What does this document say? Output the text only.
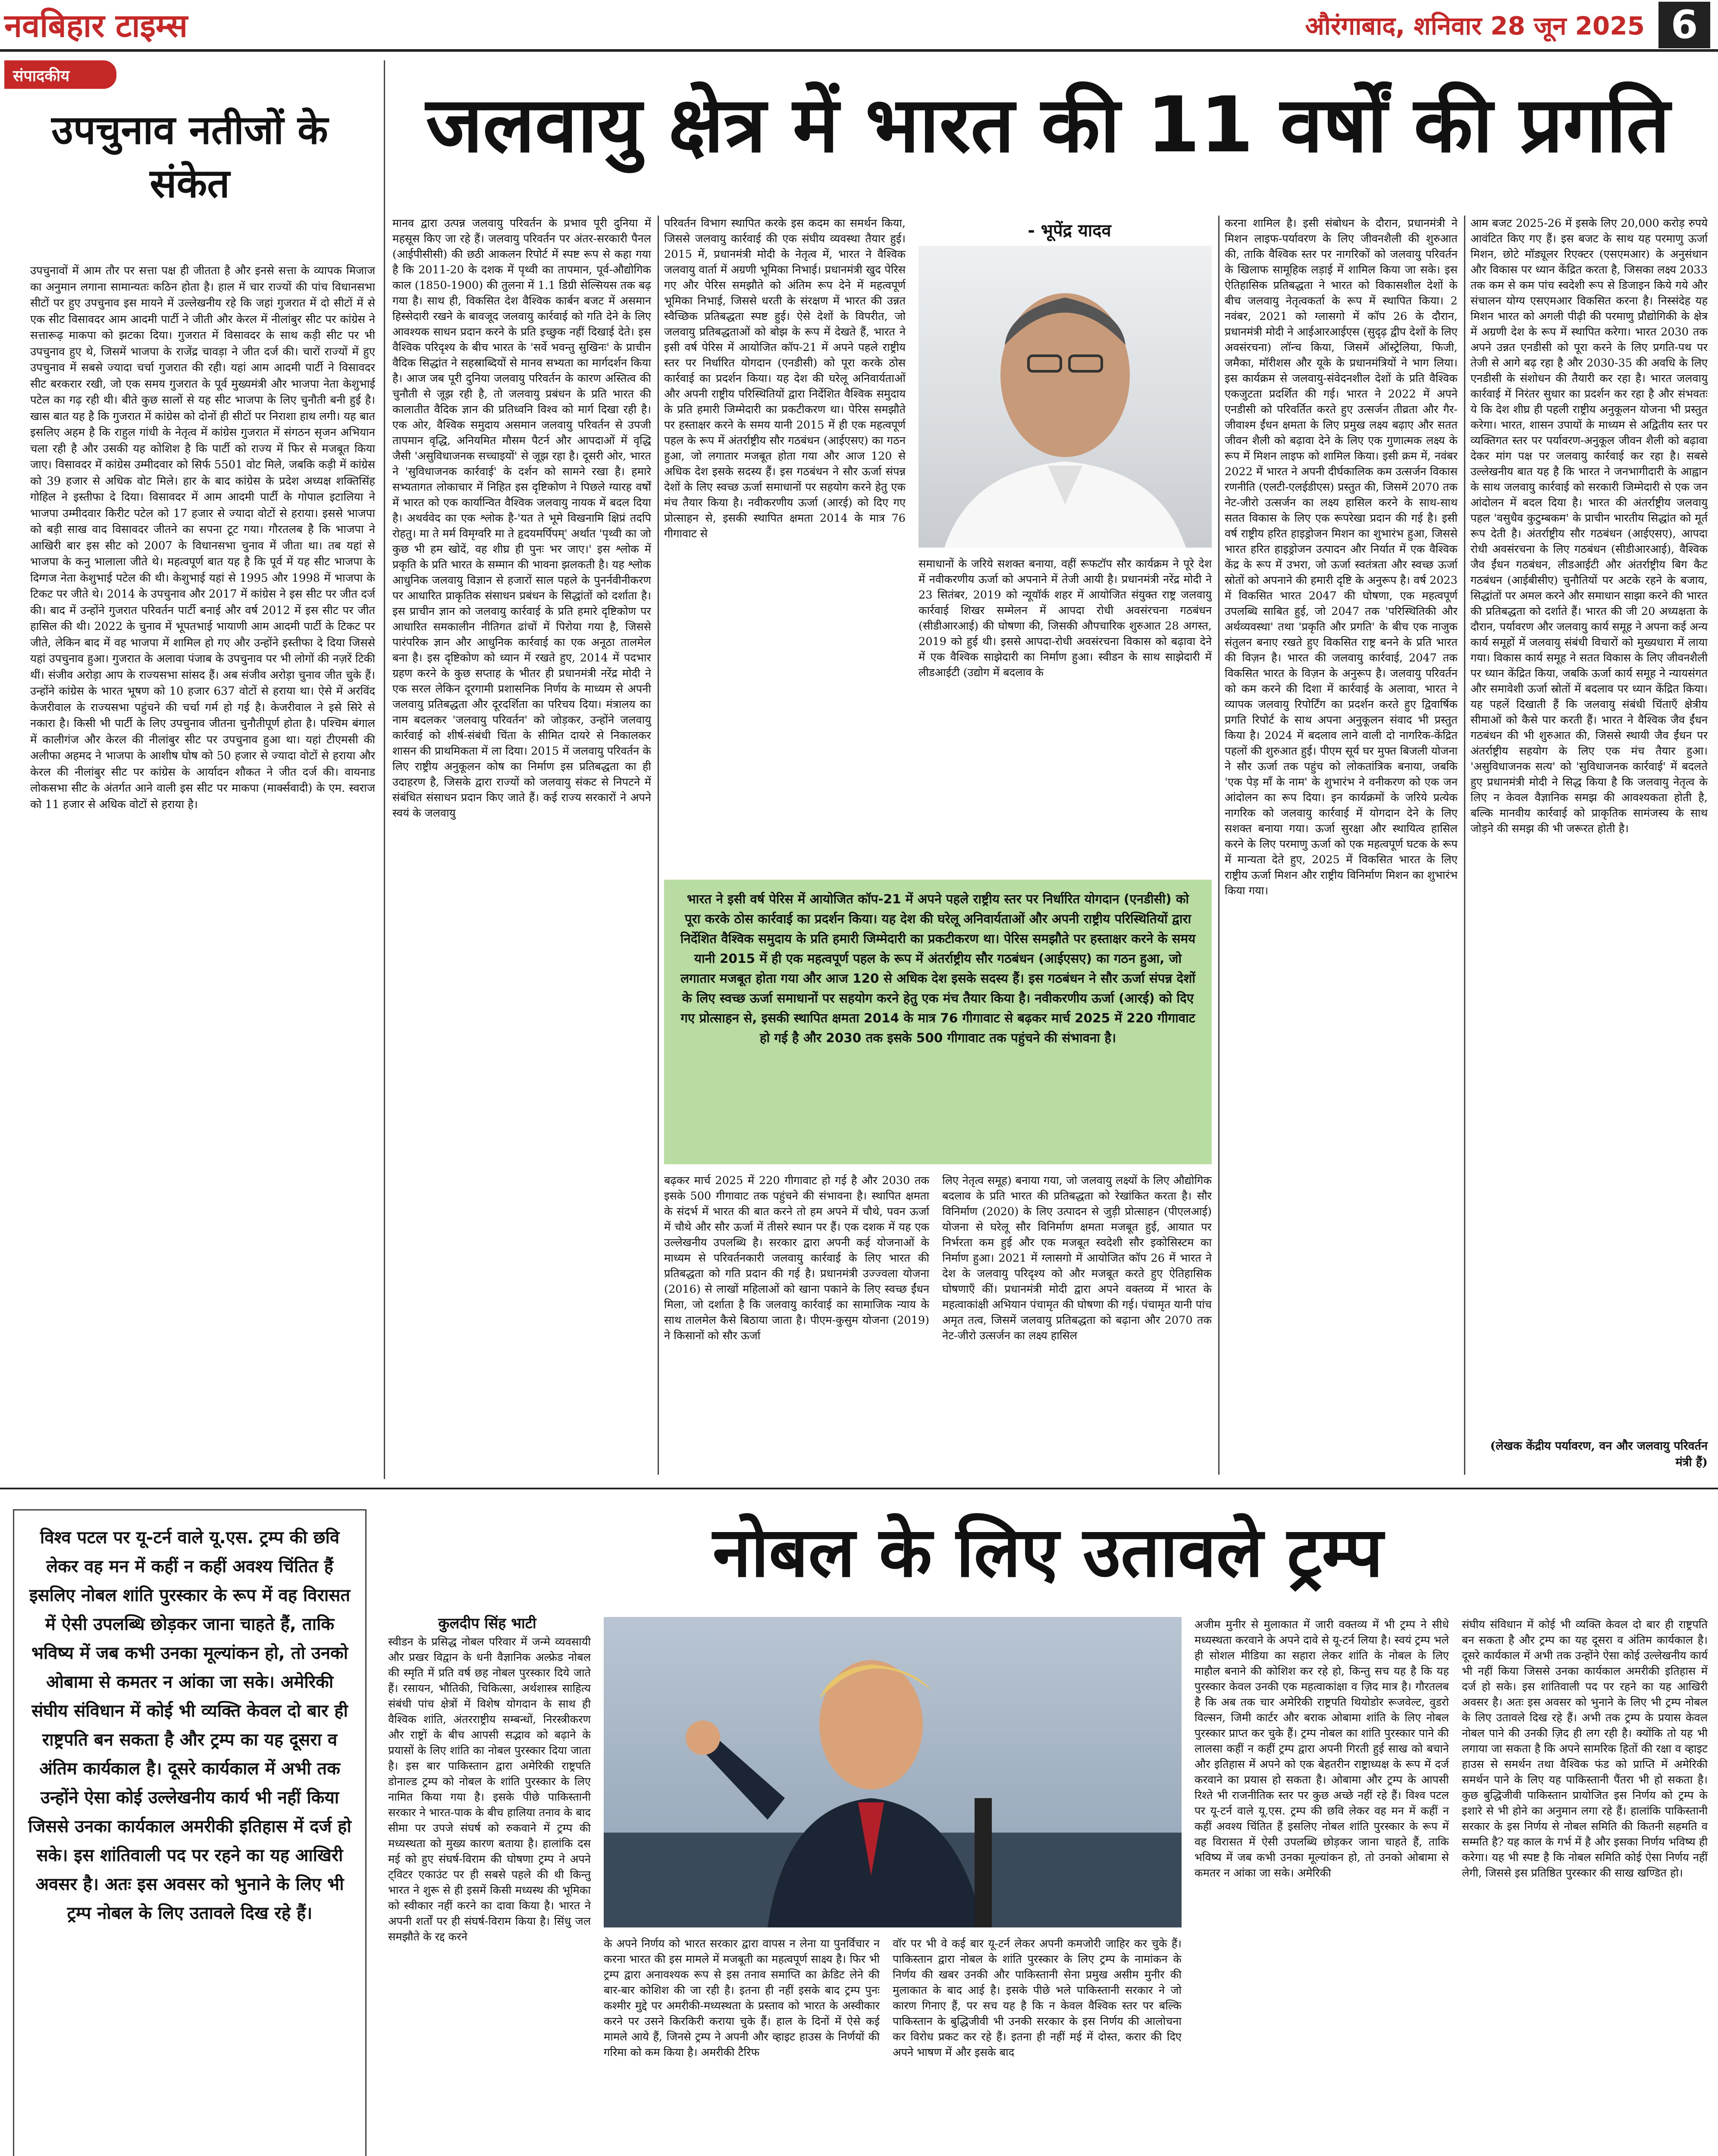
नवबिहार टाइम्स	औरंगाबाद, शनिवार 28 जून 2025 6
संपादकीय
उपचुनाव नतीजों के संकेत
उपचुनावों में आम तौर पर सत्ता पक्ष ही जीतता है और इनसे सत्ता के व्यापक मिजाज का अनुमान लगाना सामान्यतः कठिन होता है। हाल में चार राज्यों की पांच विधानसभा सीटों पर हुए उपचुनाव इस मायने में उल्लेखनीय रहे कि जहां गुजरात में दो सीटों में से एक सीट विसावदर आम आदमी पार्टी ने जीती और केरल में नीलांबुर सीट पर कांग्रेस ने सत्तारूढ़ माकपा को झटका दिया। गुजरात में विसावदर के साथ कड़ी सीट पर भी उपचुनाव हुए थे, जिसमें भाजपा के राजेंद्र चावड़ा ने जीत दर्ज की। चारों राज्यों में हुए उपचुनाव में सबसे ज्यादा चर्चा गुजरात की रही। यहां आम आदमी पार्टी ने विसावदर सीट बरकरार रखी, जो एक समय गुजरात के पूर्व मुख्यमंत्री और भाजपा नेता केशुभाई पटेल का गढ़ रही थी। बीते कुछ सालों से यह सीट भाजपा के लिए चुनौती बनी हुई है। खास बात यह है कि गुजरात में कांग्रेस को दोनों ही सीटों पर निराशा हाथ लगी। यह बात इसलिए अहम है कि राहुल गांधी के नेतृत्व में कांग्रेस गुजरात में संगठन सृजन अभियान चला रही है और उसकी यह कोशिश है कि पार्टी को राज्य में फिर से मजबूत किया जाए। विसावदर में कांग्रेस उम्मीदवार को सिर्फ 5501 वोट मिले, जबकि कड़ी में कांग्रेस को 39 हजार से अधिक वोट मिले। हार के बाद कांग्रेस के प्रदेश अध्यक्ष शक्तिसिंह गोहिल ने इस्तीफा दे दिया। विसावदर में आम आदमी पार्टी के गोपाल इटालिया ने भाजपा उम्मीदवार किरीट पटेल को 17 हजार से ज्यादा वोटों से हराया। इससे भाजपा को बड़ी साख वाद विसावदर जीतने का सपना टूट गया। गौरतलब है कि भाजपा ने आखिरी बार इस सीट को 2007 के विधानसभा चुनाव में जीता था। तब यहां से भाजपा के कनु भालाला जीते थे। महत्वपूर्ण बात यह है कि पूर्व में यह सीट भाजपा के दिग्गज नेता केशुभाई पटेल की थी। केशुभाई यहां से 1995 और 1998 में भाजपा के टिकट पर जीते थे। 2014 के उपचुनाव और 2017 में कांग्रेस ने इस सीट पर जीत दर्ज की। बाद में उन्होंने गुजरात परिवर्तन पार्टी बनाई और वर्ष 2012 में इस सीट पर जीत हासिल की थी। 2022 के चुनाव में भूपतभाई भायाणी आम आदमी पार्टी के टिकट पर जीते, लेकिन बाद में वह भाजपा में शामिल हो गए और उन्होंने इस्तीफा दे दिया जिससे यहां उपचुनाव हुआ। गुजरात के अलावा पंजाब के उपचुनाव पर भी लोगों की नज़रें टिकी थीं। संजीव अरोड़ा आप के राज्यसभा सांसद हैं। अब संजीव अरोड़ा चुनाव जीत चुके हैं। उन्होंने कांग्रेस के भारत भूषण को 10 हजार 637 वोटों से हराया था। ऐसे में अरविंद केजरीवाल के राज्यसभा पहुंचने की चर्चा गर्म हो गई है। केजरीवाल ने इसे सिरे से नकारा है। किसी भी पार्टी के लिए उपचुनाव जीतना चुनौतीपूर्ण होता है। पश्चिम बंगाल में कालीगंज और केरल की नीलांबुर सीट पर उपचुनाव हुआ था। यहां टीएमसी की अलीफा अहमद ने भाजपा के आशीष घोष को 50 हजार से ज्यादा वोटों से हराया और केरल की नीलांबुर सीट पर कांग्रेस के आर्यादन शौकत ने जीत दर्ज की। वायनाड लोकसभा सीट के अंतर्गत आने वाली इस सीट पर माकपा (मार्क्सवादी) के एम. स्वराज को 11 हजार से अधिक वोटों से हराया है।
जलवायु क्षेत्र में भारत की 11 वर्षों की प्रगति
मानव द्वारा उत्पन्न जलवायु परिवर्तन के प्रभाव पूरी दुनिया में महसूस किए जा रहे हैं। जलवायु परिवर्तन पर अंतर-सरकारी पैनल (आईपीसीसी) की छठी आकलन रिपोर्ट में स्पष्ट रूप से कहा गया है कि 2011-20 के दशक में पृथ्वी का तापमान, पूर्व-औद्योगिक काल (1850-1900) की तुलना में 1.1 डिग्री सेल्सियस तक बढ़ गया है। साथ ही, विकसित देश वैश्विक कार्बन बजट में असमान हिस्सेदारी रखने के बावजूद जलवायु कार्रवाई को गति देने के लिए आवश्यक साधन प्रदान करने के प्रति इच्छुक नहीं दिखाई देते। इस वैश्विक परिदृश्य के बीच भारत के 'सर्वे भवन्तु सुखिनः' के प्राचीन वैदिक सिद्धांत ने सहस्राब्दियों से मानव सभ्यता का मार्गदर्शन किया है। आज जब पूरी दुनिया जलवायु परिवर्तन के कारण अस्तित्व की चुनौती से जूझ रही है, तो जलवायु प्रबंधन के प्रति भारत की कालातीत वैदिक ज्ञान की प्रतिध्वनि विश्व को मार्ग दिखा रही है। एक ओर, वैश्विक समुदाय असमान जलवायु परिवर्तन से उपजी तापमान वृद्धि, अनियमित मौसम पैटर्न और आपदाओं में वृद्धि जैसी 'असुविधाजनक सच्चाइयों' से जूझ रहा है। दूसरी ओर, भारत ने 'सुविधाजनक कार्रवाई' के दर्शन को सामने रखा है। हमारे सभ्यतागत लोकाचार में निहित इस दृष्टिकोण ने पिछले ग्यारह वर्षों में भारत को एक कार्यान्वित वैश्विक जलवायु नायक में बदल दिया है। अथर्ववेद का एक श्लोक है-'यत ते भूमे विखनामि क्षिप्रं तदपि रोहतु। मा ते मर्म विमृग्वरि मा ते हृदयमर्पिपम्' अर्थात 'पृथ्वी का जो कुछ भी हम खोदें, वह शीघ्र ही पुनः भर जाए।' इस श्लोक में प्रकृति के प्रति भारत के सम्मान की भावना झलकती है। यह श्लोक आधुनिक जलवायु विज्ञान से हजारों साल पहले के पुनर्नवीनीकरण पर आधारित प्राकृतिक संसाधन प्रबंधन के सिद्धांतों को दर्शाता है। इस प्राचीन ज्ञान को जलवायु कार्रवाई के प्रति हमारे दृष्टिकोण पर आधारित समकालीन नीतिगत ढांचों में पिरोया गया है, जिससे पारंपरिक ज्ञान और आधुनिक कार्रवाई का एक अनूठा तालमेल बना है। इस दृष्टिकोण को ध्यान में रखते हुए, 2014 में पदभार ग्रहण करने के कुछ सप्ताह के भीतर ही प्रधानमंत्री नरेंद्र मोदी ने एक सरल लेकिन दूरगामी प्रशासनिक निर्णय के माध्यम से अपनी जलवायु प्रतिबद्धता और दूरदर्शिता का परिचय दिया। मंत्रालय का नाम बदलकर 'जलवायु परिवर्तन' को जोड़कर, उन्होंने जलवायु कार्रवाई को शीर्ष-संबंधी चिंता के सीमित दायरे से निकालकर शासन की प्राथमिकता में ला दिया। 2015 में जलवायु परिवर्तन के लिए राष्ट्रीय अनुकूलन कोष का निर्माण इस प्रतिबद्धता का ही उदाहरण है, जिसके द्वारा राज्यों को जलवायु संकट से निपटने में संबंधित संसाधन प्रदान किए जाते हैं। कई राज्य सरकारों ने अपने स्वयं के जलवायु
परिवर्तन विभाग स्थापित करके इस कदम का समर्थन किया, जिससे जलवायु कार्रवाई की एक संघीय व्यवस्था तैयार हुई। 2015 में, प्रधानमंत्री मोदी के नेतृत्व में, भारत ने वैश्विक जलवायु वार्ता में अग्रणी भूमिका निभाई। प्रधानमंत्री खुद पेरिस गए और पेरिस समझौते को अंतिम रूप देने में महत्वपूर्ण भूमिका निभाई, जिससे धरती के संरक्षण में भारत की उन्नत स्वैच्छिक प्रतिबद्धता स्पष्ट हुई। ऐसे देशों के विपरीत, जो जलवायु प्रतिबद्धताओं को बोझ के रूप में देखते हैं, भारत ने इसी वर्ष पेरिस में आयोजित कॉप-21 में अपने पहले राष्ट्रीय स्तर पर निर्धारित योगदान (एनडीसी) को पूरा करके ठोस कार्रवाई का प्रदर्शन किया। यह देश की घरेलू अनिवार्यताओं और अपनी राष्ट्रीय परिस्थितियों द्वारा निर्देशित वैश्विक समुदाय के प्रति हमारी जिम्मेदारी का प्रकटीकरण था। पेरिस समझौते पर हस्ताक्षर करने के समय यानी 2015 में ही एक महत्वपूर्ण पहल के रूप में अंतर्राष्ट्रीय सौर गठबंधन (आईएसए) का गठन हुआ, जो लगातार मजबूत होता गया और आज 120 से अधिक देश इसके सदस्य हैं। इस गठबंधन ने सौर ऊर्जा संपन्न देशों के लिए स्वच्छ ऊर्जा समाधानों पर सहयोग करने हेतु एक मंच तैयार किया है। नवीकरणीय ऊर्जा (आरई) को दिए गए प्रोत्साहन से, इसकी स्थापित क्षमता 2014 के मात्र 76 गीगावाट से
- भूपेंद्र यादव
समाधानों के जरिये सशक्त बनाया, वहीं रूफटॉप सौर कार्यक्रम ने पूरे देश में नवीकरणीय ऊर्जा को अपनाने में तेजी आयी है। प्रधानमंत्री नरेंद्र मोदी ने 23 सितंबर, 2019 को न्यूयॉर्क शहर में आयोजित संयुक्त राष्ट्र जलवायु कार्रवाई शिखर सम्मेलन में आपदा रोधी अवसंरचना गठबंधन (सीडीआरआई) की घोषणा की, जिसकी औपचारिक शुरुआत 28 अगस्त, 2019 को हुई थी। इससे आपदा-रोधी अवसंरचना विकास को बढ़ावा देने में एक वैश्विक साझेदारी का निर्माण हुआ। स्वीडन के साथ साझेदारी में लीडआईटी (उद्योग में बदलाव के
करना शामिल है। इसी संबोधन के दौरान, प्रधानमंत्री ने मिशन लाइफ-पर्यावरण के लिए जीवनशैली की शुरुआत की, ताकि वैश्विक स्तर पर नागरिकों को जलवायु परिवर्तन के खिलाफ सामूहिक लड़ाई में शामिल किया जा सके। इस ऐतिहासिक प्रतिबद्धता ने भारत को विकासशील देशों के बीच जलवायु नेतृत्वकर्ता के रूप में स्थापित किया। 2 नवंबर, 2021 को ग्लासगो में कॉप 26 के दौरान, प्रधानमंत्री मोदी ने आईआरआईएस (सुदृढ़ द्वीप देशों के लिए अवसंरचना) लॉन्च किया, जिसमें ऑस्ट्रेलिया, फिजी, जमैका, मॉरीशस और यूके के प्रधानमंत्रियों ने भाग लिया। इस कार्यक्रम से जलवायु-संवेदनशील देशों के प्रति वैश्विक एकजुटता प्रदर्शित की गई। भारत ने 2022 में अपने एनडीसी को परिवर्तित करते हुए उत्सर्जन तीव्रता और गैर-जीवाश्म ईंधन क्षमता के लिए प्रमुख लक्ष्य बढ़ाए और सतत जीवन शैली को बढ़ावा देने के लिए एक गुणात्मक लक्ष्य के रूप में मिशन लाइफ को शामिल किया। इसी क्रम में, नवंबर 2022 में भारत ने अपनी दीर्घकालिक कम उत्सर्जन विकास रणनीति (एलटी-एलईडीएस) प्रस्तुत की, जिसमें 2070 तक नेट-जीरो उत्सर्जन का लक्ष्य हासिल करने के साथ-साथ सतत विकास के लिए एक रूपरेखा प्रदान की गई है। इसी वर्ष राष्ट्रीय हरित हाइड्रोजन मिशन का शुभारंभ हुआ, जिससे भारत हरित हाइड्रोजन उत्पादन और निर्यात में एक वैश्विक केंद्र के रूप में उभरा, जो ऊर्जा स्वतंत्रता और स्वच्छ ऊर्जा स्रोतों को अपनाने की हमारी दृष्टि के अनुरूप है। वर्ष 2023 में विकसित भारत 2047 की घोषणा, एक महत्वपूर्ण उपलब्धि साबित हुई, जो 2047 तक 'परिस्थितिकी और अर्थव्यवस्था' तथा 'प्रकृति और प्रगति' के बीच एक नाजुक संतुलन बनाए रखते हुए विकसित राष्ट्र बनने के प्रति भारत की विज़न है। भारत की जलवायु कार्रवाई, 2047 तक विकसित भारत के विज़न के अनुरूप है। जलवायु परिवर्तन को कम करने की दिशा में कार्रवाई के अलावा, भारत ने व्यापक जलवायु रिपोर्टिंग का प्रदर्शन करते हुए द्विवार्षिक प्रगति रिपोर्ट के साथ अपना अनुकूलन संवाद भी प्रस्तुत किया है। 2024 में बदलाव लाने वाली दो नागरिक-केंद्रित पहलों की शुरुआत हुई। पीएम सूर्य घर मुफ्त बिजली योजना ने सौर ऊर्जा तक पहुंच को लोकतांत्रिक बनाया, जबकि 'एक पेड़ माँ के नाम' के शुभारंभ ने वनीकरण को एक जन आंदोलन का रूप दिया। इन कार्यक्रमों के जरिये प्रत्येक नागरिक को जलवायु कार्रवाई में योगदान देने के लिए सशक्त बनाया गया। ऊर्जा सुरक्षा और स्थायित्व हासिल करने के लिए परमाणु ऊर्जा को एक महत्वपूर्ण घटक के रूप में मान्यता देते हुए, 2025 में विकसित भारत के लिए राष्ट्रीय ऊर्जा मिशन और राष्ट्रीय विनिर्माण मिशन का शुभारंभ किया गया।
आम बजट 2025-26 में इसके लिए 20,000 करोड़ रुपये आवंटित किए गए हैं। इस बजट के साथ यह परमाणु ऊर्जा मिशन, छोटे मॉड्यूलर रिएक्टर (एसएमआर) के अनुसंधान और विकास पर ध्यान केंद्रित करता है, जिसका लक्ष्य 2033 तक कम से कम पांच स्वदेशी रूप से डिजाइन किये गये और संचालन योग्य एसएमआर विकसित करना है। निस्संदेह यह मिशन भारत को अगली पीढ़ी की परमाणु प्रौद्योगिकी के क्षेत्र में अग्रणी देश के रूप में स्थापित करेगा। भारत 2030 तक अपने उन्नत एनडीसी को पूरा करने के लिए प्रगति-पथ पर तेजी से आगे बढ़ रहा है और 2030-35 की अवधि के लिए एनडीसी के संशोधन की तैयारी कर रहा है। भारत जलवायु कार्रवाई में निरंतर सुधार का प्रदर्शन कर रहा है और संभवतः ये कि देश शीघ्र ही पहली राष्ट्रीय अनुकूलन योजना भी प्रस्तुत करेगा। भारत, शासन उपायों के माध्यम से अद्वितीय स्तर पर व्यक्तिगत स्तर पर पर्यावरण-अनुकूल जीवन शैली को बढ़ावा देकर मांग पक्ष पर जलवायु कार्रवाई कर रहा है। सबसे उल्लेखनीय बात यह है कि भारत ने जनभागीदारी के आह्वान के साथ जलवायु कार्रवाई को सरकारी जिम्मेदारी से एक जन आंदोलन में बदल दिया है। भारत की अंतर्राष्ट्रीय जलवायु पहल 'वसुधैव कुटुम्बकम' के प्राचीन भारतीय सिद्धांत को मूर्त रूप देती है। अंतर्राष्ट्रीय सौर गठबंधन (आईएसए), आपदा रोधी अवसंरचना के लिए गठबंधन (सीडीआरआई), वैश्विक जैव ईंधन गठबंधन, लीडआईटी और अंतर्राष्ट्रीय बिग कैट गठबंधन (आईबीसीए) चुनौतियों पर अटके रहने के बजाय, सिद्धांतों पर अमल करने और समाधान साझा करने की भारत की प्रतिबद्धता को दर्शाते हैं। भारत की जी 20 अध्यक्षता के दौरान, पर्यावरण और जलवायु कार्य समूह ने अपना कई अन्य कार्य समूहों में जलवायु संबंधी विचारों को मुख्यधारा में लाया गया। विकास कार्य समूह ने सतत विकास के लिए जीवनशैली पर ध्यान केंद्रित किया, जबकि ऊर्जा कार्य समूह ने न्यायसंगत और समावेशी ऊर्जा स्रोतों में बदलाव पर ध्यान केंद्रित किया। यह पहलें दिखाती हैं कि जलवायु संबंधी चिंताएँ क्षेत्रीय सीमाओं को कैसे पार करती हैं। भारत ने वैश्विक जैव ईंधन गठबंधन की भी शुरुआत की, जिससे स्थायी जैव ईंधन पर अंतर्राष्ट्रीय सहयोग के लिए एक मंच तैयार हुआ। 'असुविधाजनक सत्य' को 'सुविधाजनक कार्रवाई' में बदलते हुए प्रधानमंत्री मोदी ने सिद्ध किया है कि जलवायु नेतृत्व के लिए न केवल वैज्ञानिक समझ की आवश्यकता होती है, बल्कि मानवीय कार्रवाई को प्राकृतिक सामंजस्य के साथ जोड़ने की समझ की भी जरूरत होती है।
(लेखक केंद्रीय पर्यावरण, वन और जलवायु परिवर्तन मंत्री हैं)
भारत ने इसी वर्ष पेरिस में आयोजित कॉप-21 में अपने पहले राष्ट्रीय स्तर पर निर्धारित योगदान (एनडीसी) को पूरा करके ठोस कार्रवाई का प्रदर्शन किया। यह देश की घरेलू अनिवार्यताओं और अपनी राष्ट्रीय परिस्थितियों द्वारा निर्देशित वैश्विक समुदाय के प्रति हमारी जिम्मेदारी का प्रकटीकरण था। पेरिस समझौते पर हस्ताक्षर करने के समय यानी 2015 में ही एक महत्वपूर्ण पहल के रूप में अंतर्राष्ट्रीय सौर गठबंधन (आईएसए) का गठन हुआ, जो लगातार मजबूत होता गया और आज 120 से अधिक देश इसके सदस्य हैं। इस गठबंधन ने सौर ऊर्जा संपन्न देशों के लिए स्वच्छ ऊर्जा समाधानों पर सहयोग करने हेतु एक मंच तैयार किया है। नवीकरणीय ऊर्जा (आरई) को दिए गए प्रोत्साहन से, इसकी स्थापित क्षमता 2014 के मात्र 76 गीगावाट से बढ़कर मार्च 2025 में 220 गीगावाट हो गई है और 2030 तक इसके 500 गीगावाट तक पहुंचने की संभावना है।
बढ़कर मार्च 2025 में 220 गीगावाट हो गई है और 2030 तक इसके 500 गीगावाट तक पहुंचने की संभावना है। स्थापित क्षमता के संदर्भ में भारत की बात करने तो हम अपने में चौथे, पवन ऊर्जा में चौथे और सौर ऊर्जा में तीसरे स्थान पर हैं। एक दशक में यह एक उल्लेखनीय उपलब्धि है। सरकार द्वारा अपनी कई योजनाओं के माध्यम से परिवर्तनकारी जलवायु कार्रवाई के लिए भारत की प्रतिबद्धता को गति प्रदान की गई है। प्रधानमंत्री उज्ज्वला योजना (2016) से लाखों महिलाओं को खाना पकाने के लिए स्वच्छ ईंधन मिला, जो दर्शाता है कि जलवायु कार्रवाई का सामाजिक न्याय के साथ तालमेल कैसे बिठाया जाता है। पीएम-कुसुम योजना (2019) ने किसानों को सौर ऊर्जा
लिए नेतृत्व समूह) बनाया गया, जो जलवायु लक्ष्यों के लिए औद्योगिक बदलाव के प्रति भारत की प्रतिबद्धता को रेखांकित करता है। सौर विनिर्माण (2020) के लिए उत्पादन से जुड़ी प्रोत्साहन (पीएलआई) योजना से घरेलू सौर विनिर्माण क्षमता मजबूत हुई, आयात पर निर्भरता कम हुई और एक मजबूत स्वदेशी सौर इकोसिस्टम का निर्माण हुआ। 2021 में ग्लासगो में आयोजित कॉप 26 में भारत ने देश के जलवायु परिदृश्य को और मजबूत करते हुए ऐतिहासिक घोषणाएँ कीं। प्रधानमंत्री मोदी द्वारा अपने वक्तव्य में भारत के महत्वाकांक्षी अभियान पंचामृत की घोषणा की गई। पंचामृत यानी पांच अमृत तत्व, जिसमें जलवायु प्रतिबद्धता को बढ़ाना और 2070 तक नेट-जीरो उत्सर्जन का लक्ष्य हासिल
विश्व पटल पर यू-टर्न वाले यू.एस. ट्रम्प की छवि लेकर वह मन में कहीं न कहीं अवश्य चिंतित हैं इसलिए नोबल शांति पुरस्कार के रूप में वह विरासत में ऐसी उपलब्धि छोड़कर जाना चाहते हैं, ताकि भविष्य में जब कभी उनका मूल्यांकन हो, तो उनको ओबामा से कमतर न आंका जा सके। अमेरिकी संघीय संविधान में कोई भी व्यक्ति केवल दो बार ही राष्ट्रपति बन सकता है और ट्रम्प का यह दूसरा व अंतिम कार्यकाल है। दूसरे कार्यकाल में अभी तक उन्होंने ऐसा कोई उल्लेखनीय कार्य भी नहीं किया जिससे उनका कार्यकाल अमरीकी इतिहास में दर्ज हो सके। इस शांतिवाली पद पर रहने का यह आखिरी अवसर है। अतः इस अवसर को भुनाने के लिए भी ट्रम्प नोबल के लिए उतावले दिख रहे हैं।
नोबल के लिए उतावले ट्रम्प
कुलदीप सिंह भाटी
स्वीडन के प्रसिद्ध नोबल परिवार में जन्मे व्यवसायी और प्रखर विद्वान के धनी वैज्ञानिक अल्फ्रेड नोबल की स्मृति में प्रति वर्ष छह नोबल पुरस्कार दिये जाते हैं। रसायन, भौतिकी, चिकित्सा, अर्थशास्त्र साहित्य संबंधी पांच क्षेत्रों में विशेष योगदान के साथ ही वैश्विक शांति, अंतरराष्ट्रीय सम्बन्धों, निरस्त्रीकरण और राष्ट्रों के बीच आपसी सद्भाव को बढ़ाने के प्रयासों के लिए शांति का नोबल पुरस्कार दिया जाता है। इस बार पाकिस्तान द्वारा अमेरिकी राष्ट्रपति डोनाल्ड ट्रम्प को नोबल के शांति पुरस्कार के लिए नामित किया गया है। इसके पीछे पाकिस्तानी सरकार ने भारत-पाक के बीच हालिया तनाव के बाद सीमा पर उपजे संघर्ष को रुकवाने में ट्रम्प की मध्यस्थता को मुख्य कारण बताया है। हालांकि दस मई को हुए संघर्ष-विराम की घोषणा ट्रम्प ने अपने ट्विटर एकाउंट पर ही सबसे पहले की थी किन्तु भारत ने शुरू से ही इसमें किसी मध्यस्थ की भूमिका को स्वीकार नहीं करने का दावा किया है। भारत ने अपनी शर्तों पर ही संघर्ष-विराम किया है। सिंधु जल समझौते के रद्द करने
के अपने निर्णय को भारत सरकार द्वारा वापस न लेना या पुनर्विचार न करना भारत की इस मामले में मजबूती का महत्वपूर्ण साक्ष्य है। फिर भी ट्रम्प द्वारा अनावश्यक रूप से इस तनाव समाप्ति का क्रेडिट लेने की बार-बार कोशिश की जा रही है। इतना ही नहीं इसके बाद ट्रम्प पुनः कश्मीर मुद्दे पर अमरीकी-मध्यस्थता के प्रस्ताव को भारत के अस्वीकार करने पर उसने किरकिरी कराया चुके हैं। हाल के दिनों में ऐसे कई मामले आये हैं, जिनसे ट्रम्प ने अपनी और व्हाइट हाउस के निर्णयों की गरिमा को कम किया है। अमरीकी टैरिफ
वॉर पर भी वे कई बार यू-टर्न लेकर अपनी कमजोरी जाहिर कर चुके हैं। पाकिस्तान द्वारा नोबल के शांति पुरस्कार के लिए ट्रम्प के नामांकन के निर्णय की खबर उनकी और पाकिस्तानी सेना प्रमुख असीम मुनीर की मुलाकात के बाद आई है। इसके पीछे भले पाकिस्तानी सरकार ने जो कारण गिनाए हैं, पर सच यह है कि न केवल वैश्विक स्तर पर बल्कि पाकिस्तान के बुद्धिजीवी भी उनकी सरकार के इस निर्णय की आलोचना कर विरोध प्रकट कर रहे हैं। इतना ही नहीं मई में दोस्त, करार की दिए अपने भाषण में और इसके बाद
अजीम मुनीर से मुलाकात में जारी वक्तव्य में भी ट्रम्प ने सीधे मध्यस्थता करवाने के अपने दावे से यू-टर्न लिया है। स्वयं ट्रम्प भले ही सोशल मीडिया का सहारा लेकर शांति के नोबल के लिए माहौल बनाने की कोशिश कर रहे हो, किन्तु सच यह है कि यह पुरस्कार केवल उनकी एक महत्वाकांक्षा व ज़िद मात्र है। गौरतलब है कि अब तक चार अमेरिकी राष्ट्रपति थियोडोर रूजवेल्ट, वुडरो विल्सन, जिमी कार्टर और बराक ओबामा शांति के लिए नोबल पुरस्कार प्राप्त कर चुके हैं। ट्रम्प नोबल का शांति पुरस्कार पाने की लालसा कहीं न कहीं ट्रम्प द्वारा अपनी गिरती हुई साख को बचाने और इतिहास में अपने को एक बेहतरीन राष्ट्राध्यक्ष के रूप में दर्ज करवाने का प्रयास हो सकता है। ओबामा और ट्रम्प के आपसी रिश्ते भी राजनीतिक स्तर पर कुछ अच्छे नहीं रहे हैं। विश्व पटल पर यू-टर्न वाले यू.एस. ट्रम्प की छवि लेकर वह मन में कहीं न कहीं अवश्य चिंतित हैं इसलिए नोबल शांति पुरस्कार के रूप में वह विरासत में ऐसी उपलब्धि छोड़कर जाना चाहते हैं, ताकि भविष्य में जब कभी उनका मूल्यांकन हो, तो उनको ओबामा से कमतर न आंका जा सके। अमेरिकी
संघीय संविधान में कोई भी व्यक्ति केवल दो बार ही राष्ट्रपति बन सकता है और ट्रम्प का यह दूसरा व अंतिम कार्यकाल है। दूसरे कार्यकाल में अभी तक उन्होंने ऐसा कोई उल्लेखनीय कार्य भी नहीं किया जिससे उनका कार्यकाल अमरीकी इतिहास में दर्ज हो सके। इस शांतिवाली पद पर रहने का यह आखिरी अवसर है। अतः इस अवसर को भुनाने के लिए भी ट्रम्प नोबल के लिए उतावले दिख रहे हैं। अभी तक ट्रम्प के प्रयास केवल नोबल पाने की उनकी ज़िद ही लग रही है। क्योंकि तो यह भी लगाया जा सकता है कि अपने सामरिक हितों की रक्षा व व्हाइट हाउस से समर्थन तथा वैश्विक फंड को प्राप्ति में अमेरिकी समर्थन पाने के लिए यह पाकिस्तानी पैंतरा भी हो सकता है। कुछ बुद्धिजीवी पाकिस्तान प्रायोजित इस निर्णय को ट्रम्प के इशारे से भी होने का अनुमान लगा रहे हैं। हालांकि पाकिस्तानी सरकार के इस निर्णय से नोबल समिति की कितनी सहमति व सम्मति है? यह काल के गर्भ में है और इसका निर्णय भविष्य ही करेगा। यह भी स्पष्ट है कि नोबल समिति कोई ऐसा निर्णय नहीं लेगी, जिससे इस प्रतिष्ठित पुरस्कार की साख खण्डित हो।
